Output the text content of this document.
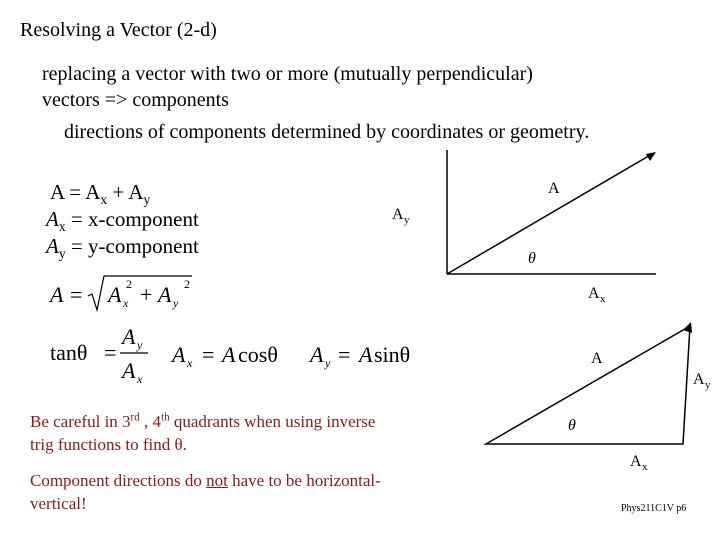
Resolving a Vector (2-d)
replacing a vector with two or more (mutually perpendicular)
vectors => components
directions of components determined by coordinates or geometry.
$A = A_x + A_y$
$A_x$ = x-component
$A_y$ = y-component
A = A x
2 + A y
2
tanθ =
A y
A x
A x = A cosθ A y = A sinθ
A
A y
θ
A x
A
A y
θ
A x
Be careful in 3rd , 4th quadrants when using inverse
trig functions to find θ.
Component directions do not have to be horizontal-
vertical!	Phys211C1V p6
